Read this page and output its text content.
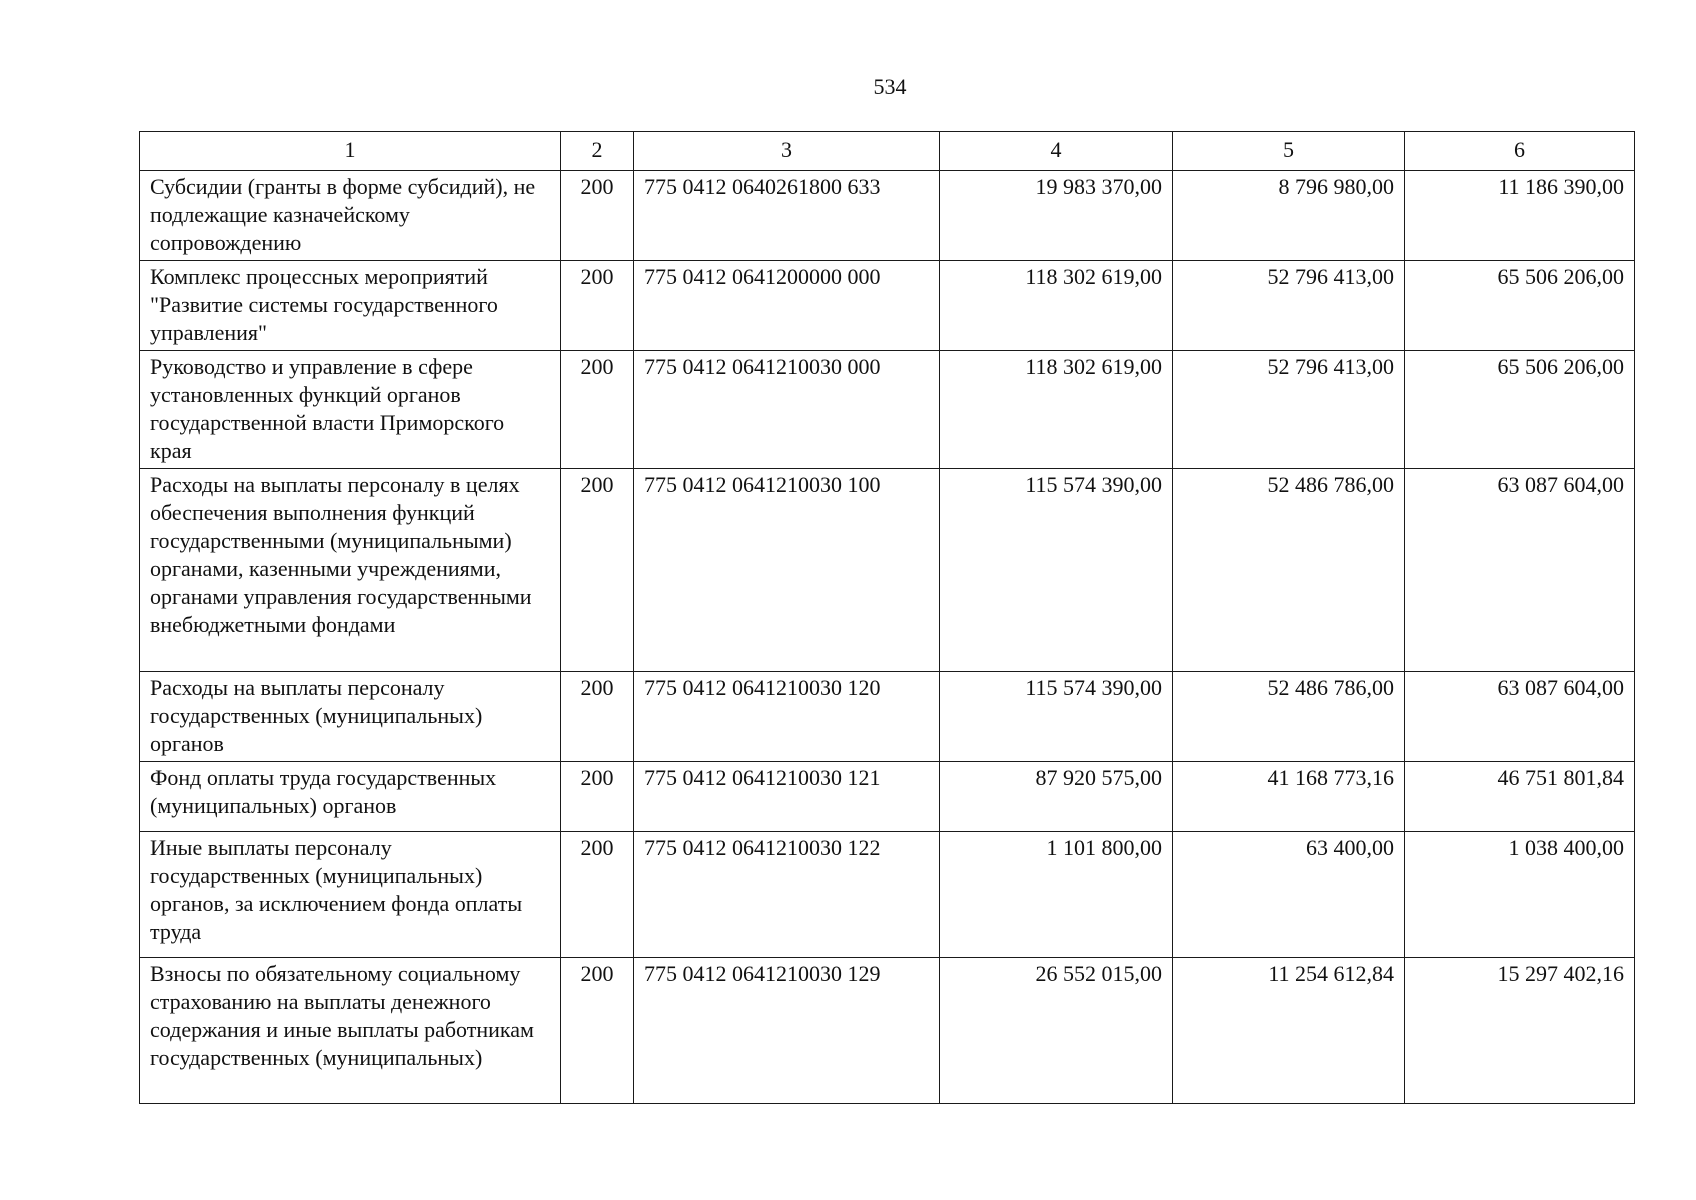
534
1	2	3	4	5	6
Субсидии (гранты в форме субсидий), не подлежащие казначейскому сопровождению	200	775 0412 0640261800 633	19 983 370,00	8 796 980,00	11 186 390,00
Комплекс процессных мероприятий "Развитие системы государственного управления"	200	775 0412 0641200000 000	118 302 619,00	52 796 413,00	65 506 206,00
Руководство и управление в сфере установленных функций органов государственной власти Приморского края	200	775 0412 0641210030 000	118 302 619,00	52 796 413,00	65 506 206,00
Расходы на выплаты персоналу в целях обеспечения выполнения функций государственными (муниципальными) органами, казенными учреждениями, органами управления государственными внебюджетными фондами	200	775 0412 0641210030 100	115 574 390,00	52 486 786,00	63 087 604,00
Расходы на выплаты персоналу государственных (муниципальных) органов	200	775 0412 0641210030 120	115 574 390,00	52 486 786,00	63 087 604,00
Фонд оплаты труда государственных (муниципальных) органов	200	775 0412 0641210030 121	87 920 575,00	41 168 773,16	46 751 801,84
Иные выплаты персоналу государственных (муниципальных) органов, за исключением фонда оплаты труда	200	775 0412 0641210030 122	1 101 800,00	63 400,00	1 038 400,00
Взносы по обязательному социальному страхованию на выплаты денежного содержания и иные выплаты работникам государственных (муниципальных)	200	775 0412 0641210030 129	26 552 015,00	11 254 612,84	15 297 402,16
